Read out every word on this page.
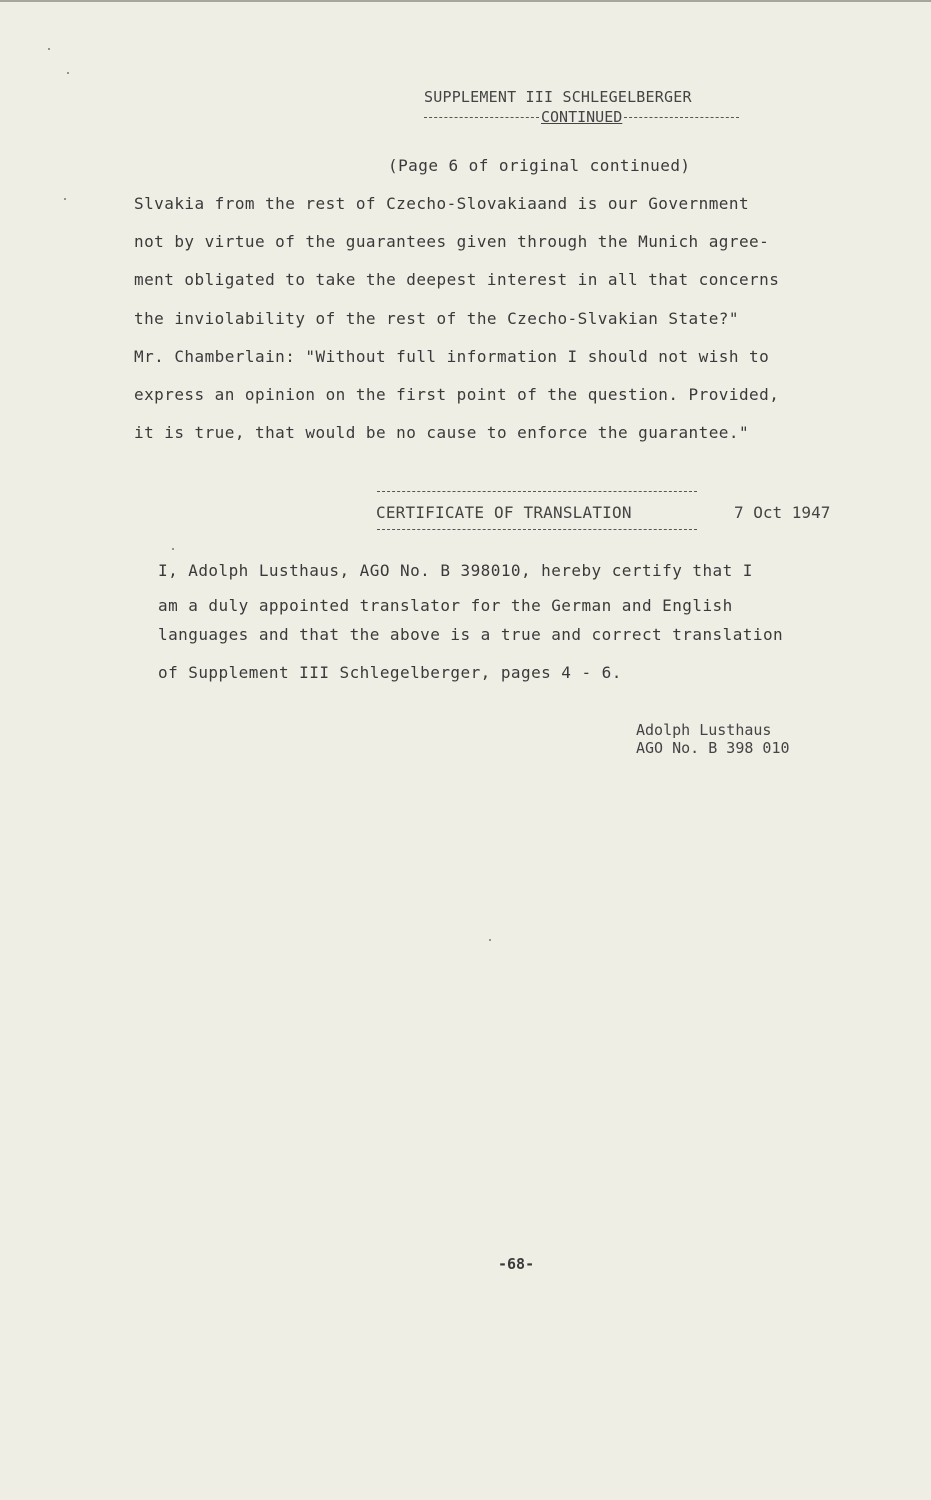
SUPPLEMENT III SCHLEGELBERGER
CONTINUED
(Page 6 of original continued)
Slvakia from the rest of Czecho-Slovakiaand is our Government
not by virtue of the guarantees given through the Munich agree-
ment obligated to take the deepest interest in all that concerns
the inviolability of the rest of the Czecho-Slvakian State?"
Mr. Chamberlain: "Without full information I should not wish to
express an opinion on the first point of the question. Provided,
it is true, that would be no cause to enforce the guarantee."
CERTIFICATE OF TRANSLATION	7 Oct 1947
I, Adolph Lusthaus, AGO No. B 398010, hereby certify that I
am a duly appointed translator for the German and English
languages and that the above is a true and correct translation
of Supplement III Schlegelberger, pages 4 - 6.
Adolph Lusthaus
AGO No. B 398 010
-68-
